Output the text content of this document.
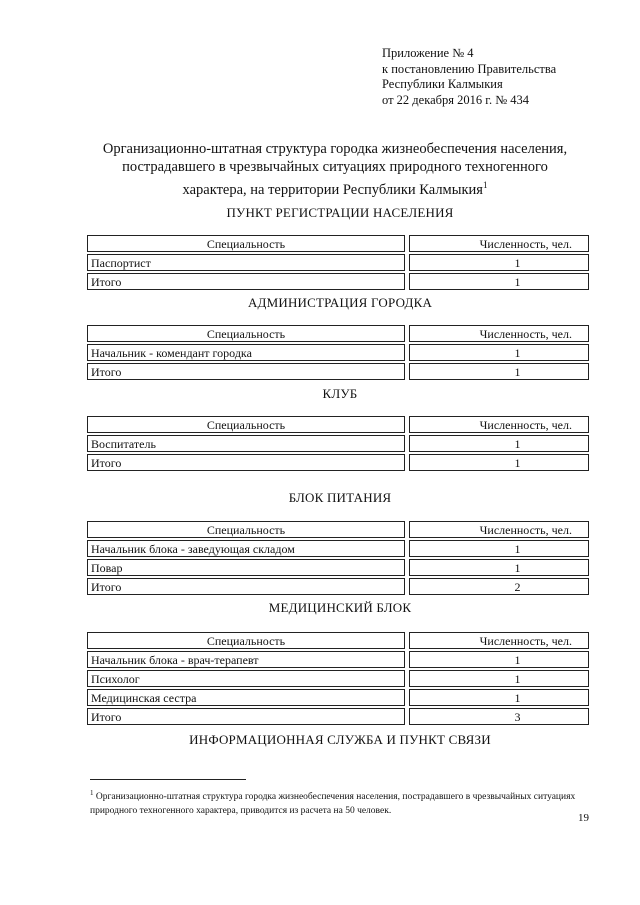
Приложение № 4
к постановлению Правительства
Республики Калмыкия
от 22 декабря 2016 г. № 434
Организационно-штатная структура городка жизнеобеспечения населения,
пострадавшего в чрезвычайных ситуациях природного техногенного
характера, на территории Республики Калмыкия$^1$
ПУНКТ РЕГИСТРАЦИИ НАСЕЛЕНИЯ
Специальность		Численность, чел.
Паспортист		1
Итого		1
АДМИНИСТРАЦИЯ ГОРОДКА
Специальность		Численность, чел.
Начальник - комендант городка		1
Итого		1
КЛУБ
Специальность		Численность, чел.
Воспитатель		1
Итого		1
БЛОК ПИТАНИЯ
Специальность		Численность, чел.
Начальник блока - заведующая складом		1
Повар		1
Итого		2
МЕДИЦИНСКИЙ БЛОК
Специальность		Численность, чел.
Начальник блока - врач-терапевт		1
Психолог		1
Медицинская сестра		1
Итого		3
ИНФОРМАЦИОННАЯ СЛУЖБА И ПУНКТ СВЯЗИ
$^1$ Организационно-штатная структура городка жизнеобеспечения населения, пострадавшего в чрезвычайных ситуациях природного техногенного характера, приводится из расчета на 50 человек.
19
